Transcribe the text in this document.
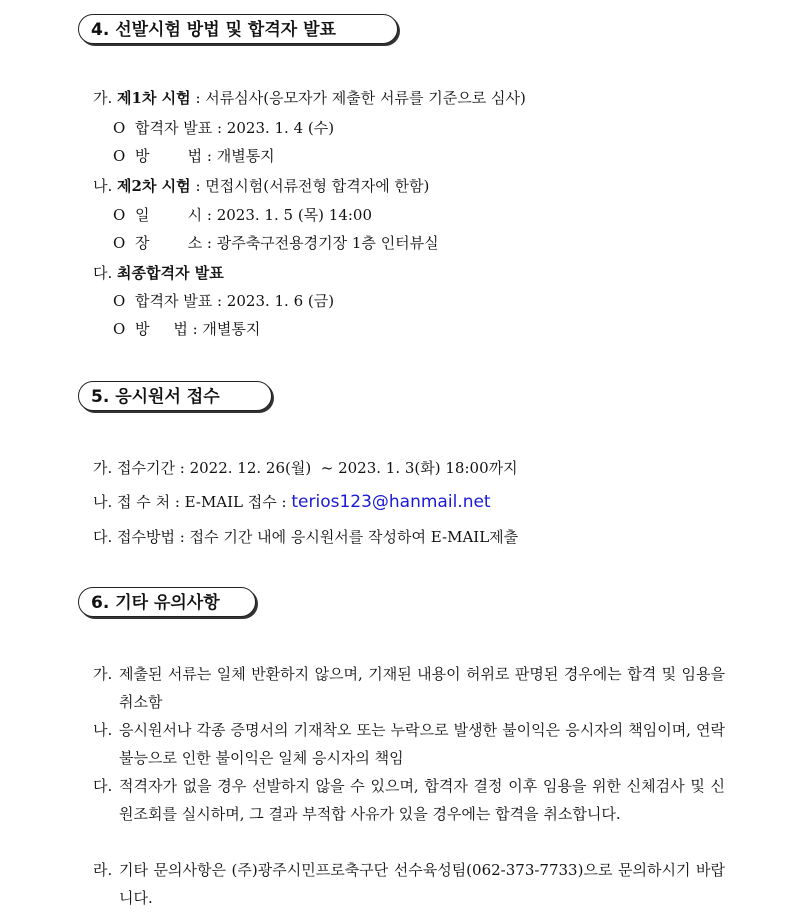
4. 선발시험 방법 및 합격자 발표
가. 제1차 시험 : 서류심사(응모자가 제출한 서류를 기준으로 심사)
O 합격자 발표 : 2023. 1. 4 (수)
O 방        법 : 개별통지
나. 제2차 시험 : 면접시험(서류전형 합격자에 한함)
O 일        시 : 2023. 1. 5 (목) 14:00
O 장        소 : 광주축구전용경기장 1층 인터뷰실
다. 최종합격자 발표
O 합격자 발표 : 2023. 1. 6 (금)
O 방     법 : 개별통지
5. 응시원서 접수
가. 접수기간 : 2022. 12. 26(월)  ~ 2023. 1. 3(화) 18:00까지
나. 접 수 처 : E-MAIL 접수 : terios123@hanmail.net
다. 접수방법 : 접수 기간 내에 응시원서를 작성하여 E-MAIL제출
6. 기타 유의사항
가. 제출된 서류는 일체 반환하지 않으며, 기재된 내용이 허위로 판명된 경우에는 합격 및 임용을 취소함
나. 응시원서나 각종 증명서의 기재착오 또는 누락으로 발생한 불이익은 응시자의 책임이며, 연락불능으로 인한 불이익은 일체 응시자의 책임
다. 적격자가 없을 경우 선발하지 않을 수 있으며, 합격자 결정 이후 임용을 위한 신체검사 및 신원조회를 실시하며, 그 결과 부적합 사유가 있을 경우에는 합격을 취소합니다.
라. 기타 문의사항은 (주)광주시민프로축구단 선수육성팀(062-373-7733)으로 문의하시기 바랍니다.
